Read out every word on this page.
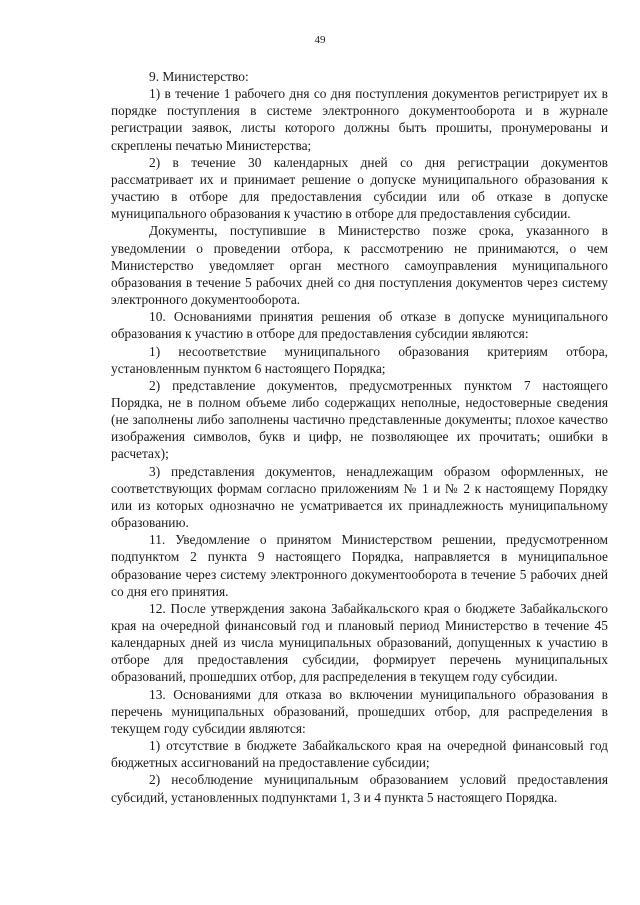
49

9. Министерство:

1) в течение 1 рабочего дня со дня поступления документов регистрирует их в порядке поступления в системе электронного документооборота и в журнале регистрации заявок, листы которого должны быть прошиты, пронумерованы и скреплены печатью Министерства;

2) в течение 30 календарных дней со дня регистрации документов рассматривает их и принимает решение о допуске муниципального образования к участию в отборе для предоставления субсидии или об отказе в допуске муниципального образования к участию в отборе для предоставления субсидии.

Документы, поступившие в Министерство позже срока, указанного в уведомлении о проведении отбора, к рассмотрению не принимаются, о чем Министерство уведомляет орган местного самоуправления муниципального образования в течение 5 рабочих дней со дня поступления документов через систему электронного документооборота.

10. Основаниями принятия решения об отказе в допуске муниципального образования к участию в отборе для предоставления субсидии являются:

1) несоответствие муниципального образования критериям отбора, установленным пунктом 6 настоящего Порядка;

2) представление документов, предусмотренных пунктом 7 настоящего Порядка, не в полном объеме либо содержащих неполные, недостоверные сведения (не заполнены либо заполнены частично представленные документы; плохое качество изображения символов, букв и цифр, не позволяющее их прочитать; ошибки в расчетах);

3) представления документов, ненадлежащим образом оформленных, не соответствующих формам согласно приложениям № 1 и № 2 к настоящему Порядку или из которых однозначно не усматривается их принадлежность муниципальному образованию.

11. Уведомление о принятом Министерством решении, предусмотренном подпунктом 2 пункта 9 настоящего Порядка, направляется в муниципальное образование через систему электронного документооборота в течение 5 рабочих дней со дня его принятия.

12. После утверждения закона Забайкальского края о бюджете Забайкальского края на очередной финансовый год и плановый период Министерство в течение 45 календарных дней из числа муниципальных образований, допущенных к участию в отборе для предоставления субсидии, формирует перечень муниципальных образований, прошедших отбор, для распределения в текущем году субсидии.

13. Основаниями для отказа во включении муниципального образования в перечень муниципальных образований, прошедших отбор, для распределения в текущем году субсидии являются:

1) отсутствие в бюджете Забайкальского края на очередной финансовый год бюджетных ассигнований на предоставление субсидии;

2) несоблюдение муниципальным образованием условий предоставления субсидий, установленных подпунктами 1, 3 и 4 пункта 5 настоящего Порядка.
